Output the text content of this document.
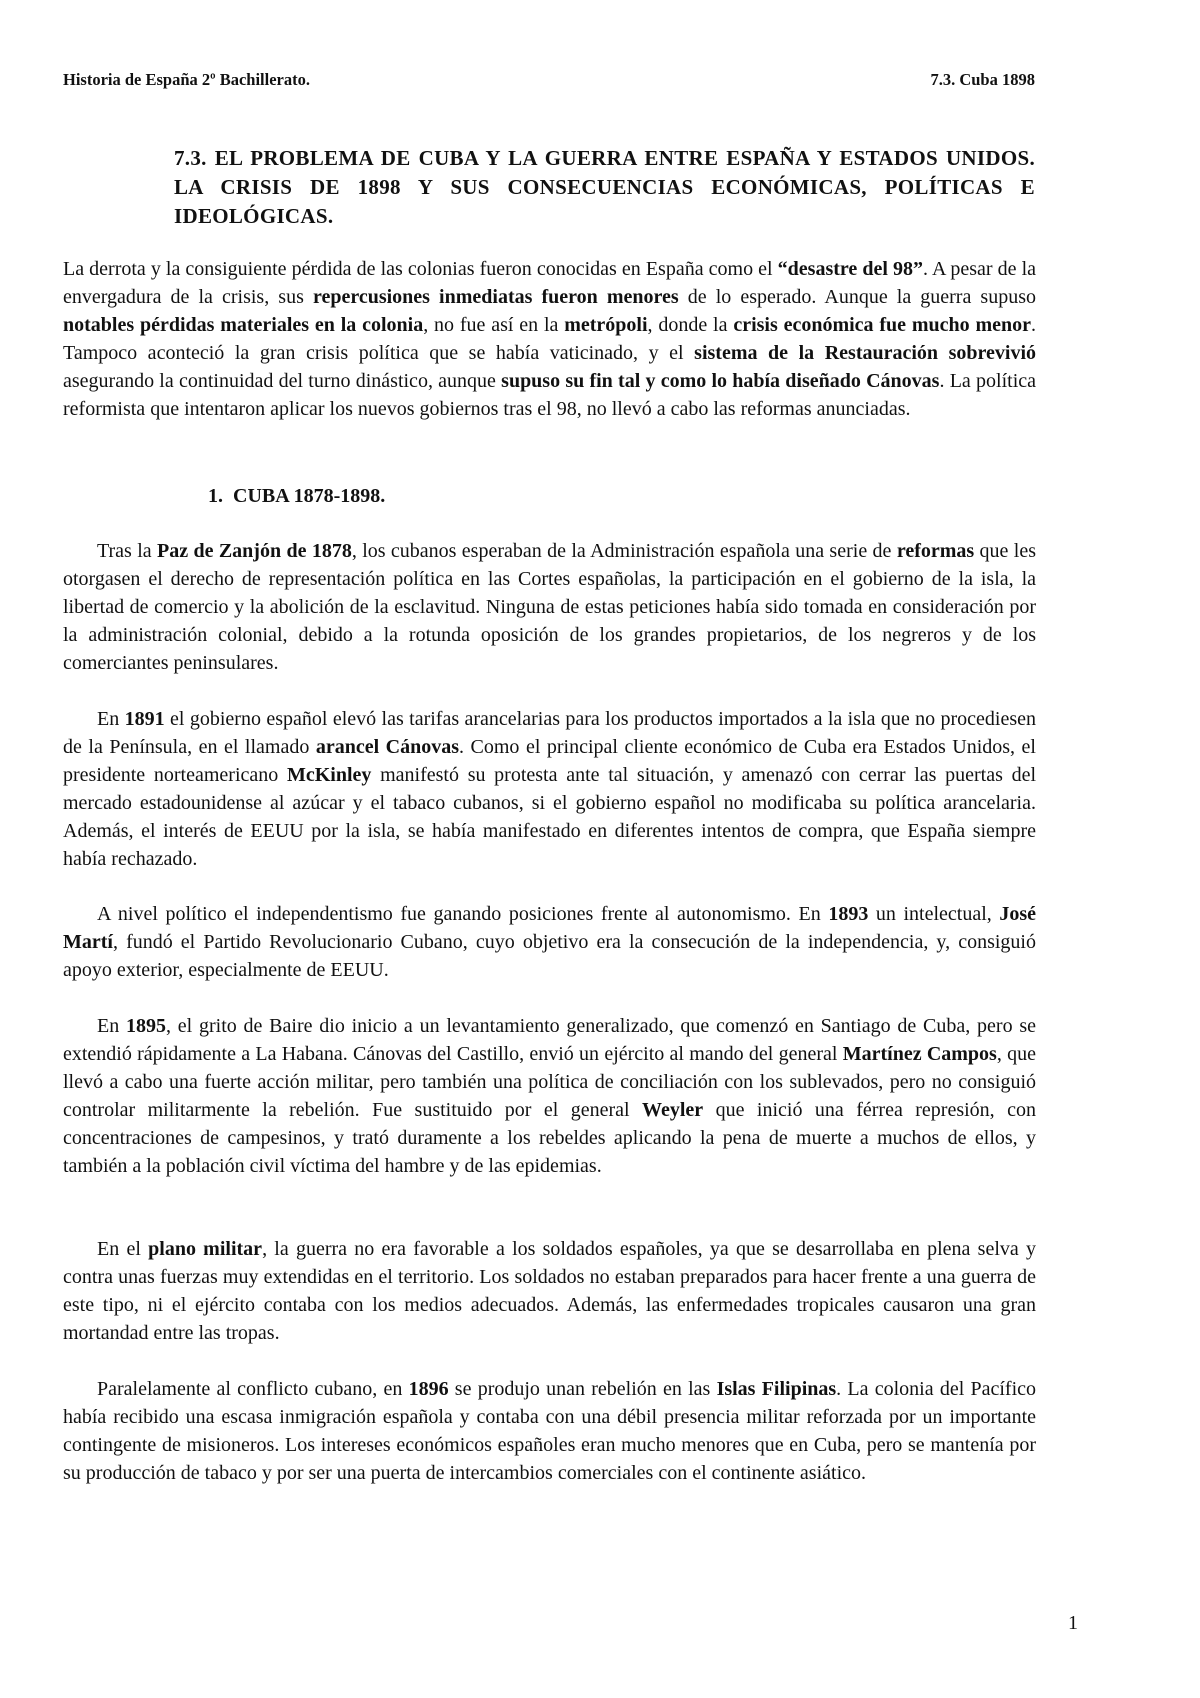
Historia de España 2º Bachillerato.	7.3. Cuba 1898
7.3. EL PROBLEMA DE CUBA Y LA GUERRA ENTRE ESPAÑA Y ESTADOS UNIDOS. LA CRISIS DE 1898 Y SUS CONSECUENCIAS ECONÓMICAS, POLÍTICAS E IDEOLÓGICAS.

La derrota y la consiguiente pérdida de las colonias fueron conocidas en España como el “desastre del 98”. A pesar de la envergadura de la crisis, sus repercusiones inmediatas fueron menores de lo esperado. Aunque la guerra supuso notables pérdidas materiales en la colonia, no fue así en la metrópoli, donde la crisis económica fue mucho menor. Tampoco aconteció la gran crisis política que se había vaticinado, y el sistema de la Restauración sobrevivió asegurando la continuidad del turno dinástico, aunque supuso su fin tal y como lo había diseñado Cánovas. La política reformista que intentaron aplicar los nuevos gobiernos tras el 98, no llevó a cabo las reformas anunciadas.

1. CUBA 1878-1898.

Tras la Paz de Zanjón de 1878, los cubanos esperaban de la Administración española una serie de reformas que les otorgasen el derecho de representación política en las Cortes españolas, la participación en el gobierno de la isla, la libertad de comercio y la abolición de la esclavitud. Ninguna de estas peticiones había sido tomada en consideración por la administración colonial, debido a la rotunda oposición de los grandes propietarios, de los negreros y de los comerciantes peninsulares.

En 1891 el gobierno español elevó las tarifas arancelarias para los productos importados a la isla que no procediesen de la Península, en el llamado arancel Cánovas. Como el principal cliente económico de Cuba era Estados Unidos, el presidente norteamericano McKinley manifestó su protesta ante tal situación, y amenazó con cerrar las puertas del mercado estadounidense al azúcar y el tabaco cubanos, si el gobierno español no modificaba su política arancelaria. Además, el interés de EEUU por la isla, se había manifestado en diferentes intentos de compra, que España siempre había rechazado.

A nivel político el independentismo fue ganando posiciones frente al autonomismo. En 1893 un intelectual, José Martí, fundó el Partido Revolucionario Cubano, cuyo objetivo era la consecución de la independencia, y, consiguió apoyo exterior, especialmente de EEUU.

En 1895, el grito de Baire dio inicio a un levantamiento generalizado, que comenzó en Santiago de Cuba, pero se extendió rápidamente a La Habana. Cánovas del Castillo, envió un ejército al mando del general Martínez Campos, que llevó a cabo una fuerte acción militar, pero también una política de conciliación con los sublevados, pero no consiguió controlar militarmente la rebelión. Fue sustituido por el general Weyler que inició una férrea represión, con concentraciones de campesinos, y trató duramente a los rebeldes aplicando la pena de muerte a muchos de ellos, y también a la población civil víctima del hambre y de las epidemias.

En el plano militar, la guerra no era favorable a los soldados españoles, ya que se desarrollaba en plena selva y contra unas fuerzas muy extendidas en el territorio. Los soldados no estaban preparados para hacer frente a una guerra de este tipo, ni el ejército contaba con los medios adecuados. Además, las enfermedades tropicales causaron una gran mortandad entre las tropas.

Paralelamente al conflicto cubano, en 1896 se produjo unan rebelión en las Islas Filipinas. La colonia del Pacífico había recibido una escasa inmigración española y contaba con una débil presencia militar reforzada por un importante contingente de misioneros. Los intereses económicos españoles eran mucho menores que en Cuba, pero se mantenía por su producción de tabaco y por ser una puerta de intercambios comerciales con el continente asiático.

1
